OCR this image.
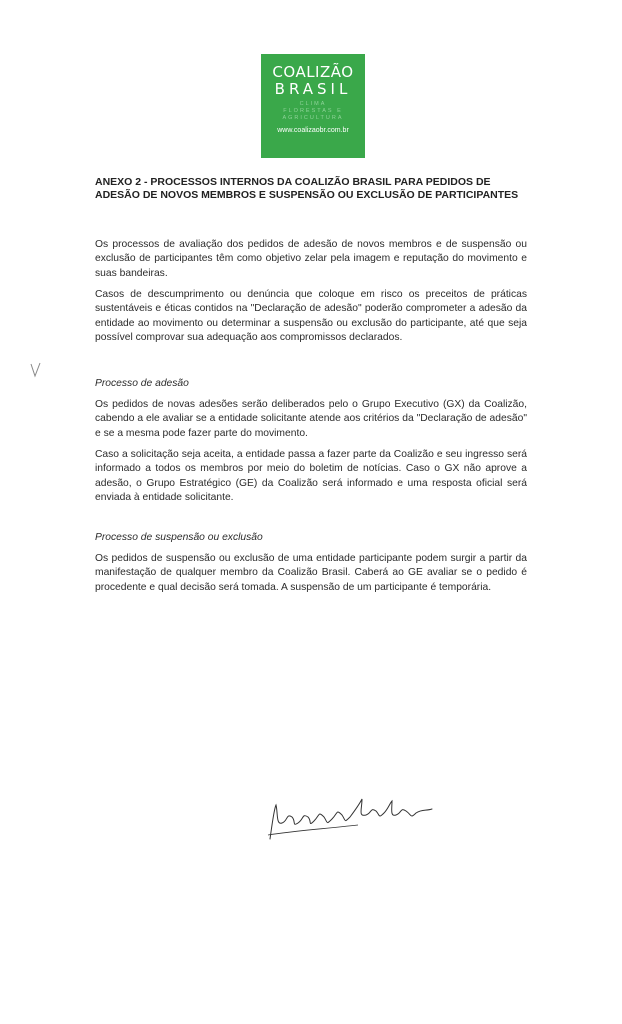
COALIZÃO
BRASIL
CLIMA
FLORESTAS E
AGRICULTURA
www.coalizaobr.com.br
ANEXO 2 - PROCESSOS INTERNOS DA COALIZÃO BRASIL PARA PEDIDOS DE ADESÃO DE NOVOS MEMBROS E SUSPENSÃO OU EXCLUSÃO DE PARTICIPANTES

Os processos de avaliação dos pedidos de adesão de novos membros e de suspensão ou exclusão de participantes têm como objetivo zelar pela imagem e reputação do movimento e suas bandeiras.

Casos de descumprimento ou denúncia que coloque em risco os preceitos de práticas sustentáveis e éticas contidos na "Declaração de adesão" poderão comprometer a adesão da entidade ao movimento ou determinar a suspensão ou exclusão do participante, até que seja possível comprovar sua adequação aos compromissos declarados.

Processo de adesão

Os pedidos de novas adesões serão deliberados pelo o Grupo Executivo (GX) da Coalizão, cabendo a ele avaliar se a entidade solicitante atende aos critérios da "Declaração de adesão" e se a mesma pode fazer parte do movimento.

Caso a solicitação seja aceita, a entidade passa a fazer parte da Coalizão e seu ingresso será informado a todos os membros por meio do boletim de notícias. Caso o GX não aprove a adesão, o Grupo Estratégico (GE) da Coalizão será informado e uma resposta oficial será enviada à entidade solicitante.

Processo de suspensão ou exclusão

Os pedidos de suspensão ou exclusão de uma entidade participante podem surgir a partir da manifestação de qualquer membro da Coalizão Brasil. Caberá ao GE avaliar se o pedido é procedente e qual decisão será tomada. A suspensão de um participante é temporária.
